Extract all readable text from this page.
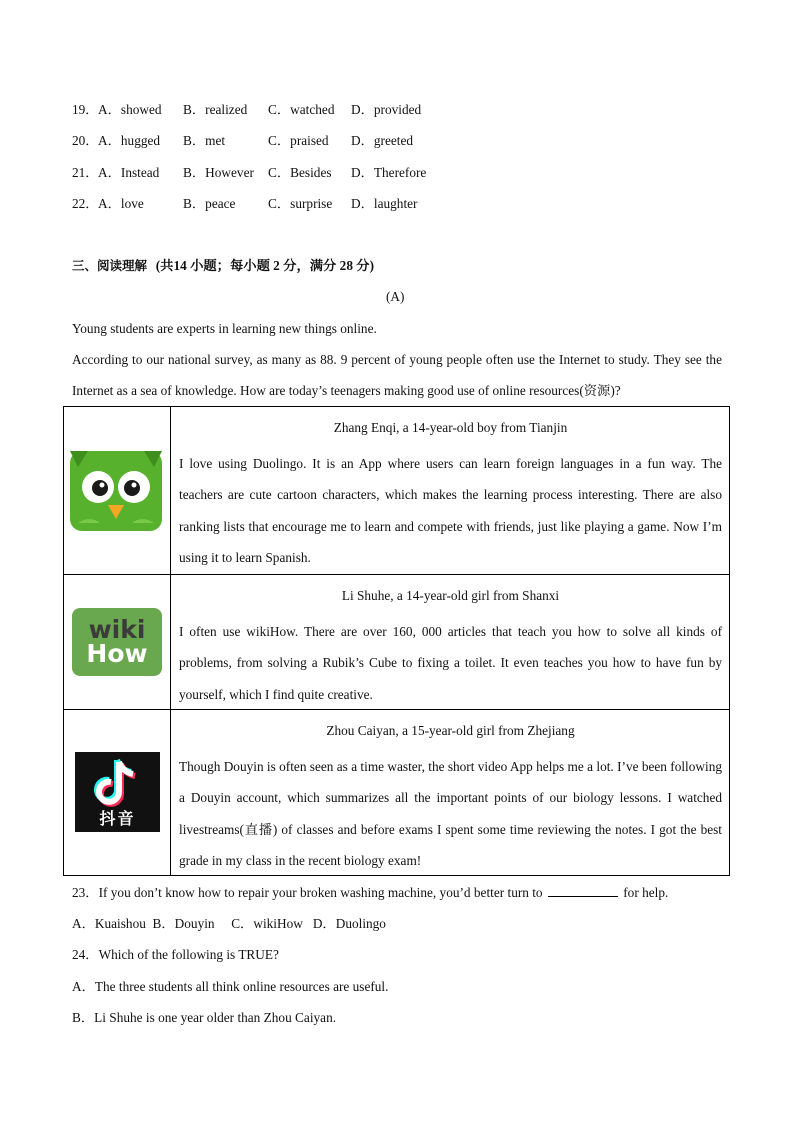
19． A．showed B．realized C．watched D．provided
20． A．hugged B．met	C．praised D．greeted
21． A．Instead B．However C．Besides D．Therefore
22． A．love	B．peace C．surprise D．laughter
三、阅读理解 (共14 小题；每小题 2 分，满分 28 分)
(A)
Young students are experts in learning new things online.
According to our national survey, as many as 88. 9 percent of young people often use the Internet to study. They see the Internet as a sea of knowledge. How are today’s teenagers making good use of online resources(资源)?
Zhang Enqi, a 14-year-old boy from Tianjin
I love using Duolingo. It is an App where users can learn foreign languages in a fun way. The teachers are cute cartoon characters, which makes the learning process interesting. There are also ranking lists that encourage me to learn and compete with friends, just like playing a game. Now I’m using it to learn Spanish.
wiki
How
Li Shuhe, a 14-year-old girl from Shanxi
I often use wikiHow. There are over 160, 000 articles that teach you how to solve all kinds of problems, from solving a Rubik’s Cube to fixing a toilet. It even teaches you how to have fun by yourself, which I find quite creative.
抖音
Zhou Caiyan, a 15-year-old girl from Zhejiang
Though Douyin is often seen as a time waster, the short video App helps me a lot. I’ve been following a Douyin account, which summarizes all the important points of our biology lessons. I watched livestreams(直播) of classes and before exams I spent some time reviewing the notes. I got the best grade in my class in the recent biology exam!
23．If you don’t know how to repair your broken washing machine, you’d better turn to	for help.
A．Kuaishou  B．Douyin     C．wikiHow   D．Duolingo
24．Which of the following is TRUE?
A．The three students all think online resources are useful.
B．Li Shuhe is one year older than Zhou Caiyan.
